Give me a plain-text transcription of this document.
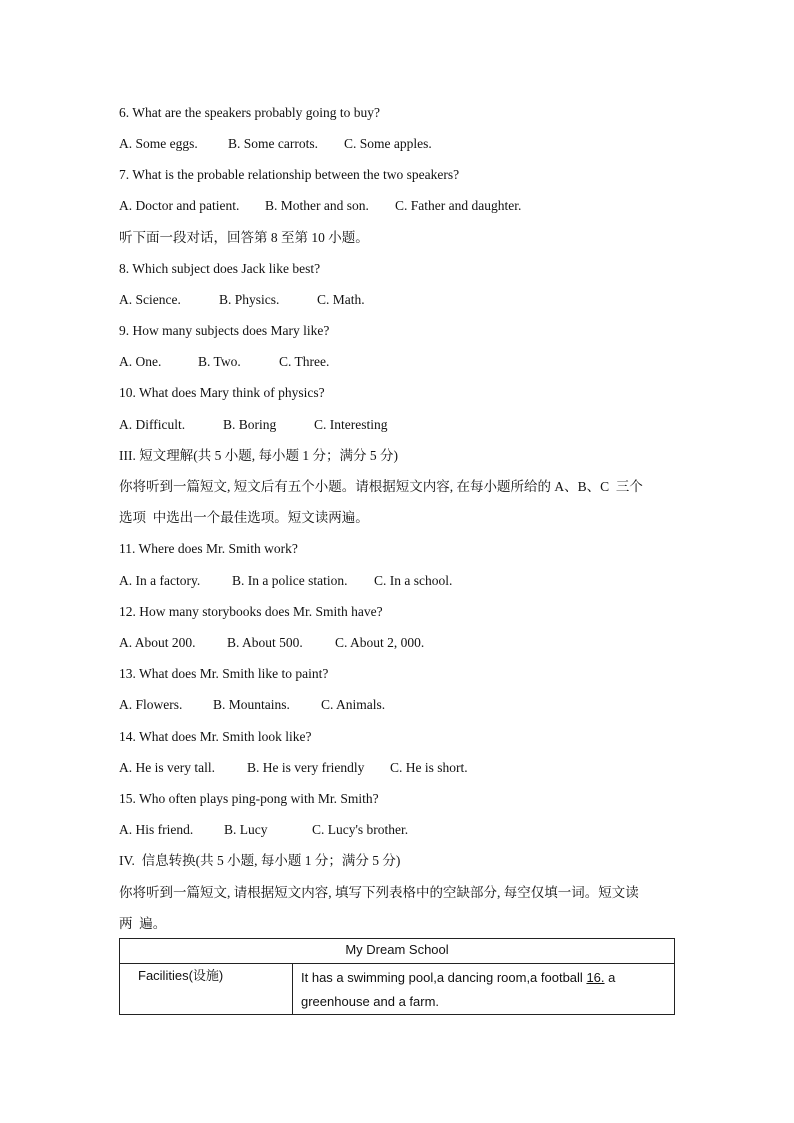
6. What are the speakers probably going to buy?

A. Some eggs.

B. Some carrots.

C. Some apples.

7. What is the probable relationship between the two speakers?

A. Doctor and patient.

B. Mother and son.

C. Father and daughter.

听下面一段对话，回答第 8 至第 10 小题。
8. Which subject does Jack like best?

A. Science.

	B. Physics.

	C. Math.

9. How many subjects does Mary like?

A. One.

	B. Two.

	C. Three.

10. What does Mary think of physics?

A. Difficult.

	B. Boring

	C. Interesting

III. 短文理解(共 5 小题, 每小题 1 分；满分 5 分)
你将听到一篇短文, 短文后有五个小题。请根据短文内容, 在每小题所给的 A、B、C  三个
选项  中选出一个最佳选项。短文读两遍。
11. Where does Mr. Smith work?

A. In a factory.

B. In a police station.

C. In a school.

12. How many storybooks does Mr. Smith have?

A. About 200.

B. About 500.

C. About 2, 000.

13. What does Mr. Smith like to paint?

A. Flowers.

B. Mountains.

C. Animals.

14. What does Mr. Smith look like?

A. He is very tall.

B. He is very friendly

C. He is short.

15. Who often plays ping-pong with Mr. Smith?

A. His friend.

B. Lucy

	C. Lucy's brother.

IV.  信息转换(共 5 小题, 每小题 1 分；满分 5 分)
你将听到一篇短文, 请根据短文内容, 填写下列表格中的空缺部分, 每空仅填一词。短文读
两  遍。
My Dream School
Facilities(设施)	It has a swimming pool,a dancing room,a football 16. a
greenhouse and a farm.
